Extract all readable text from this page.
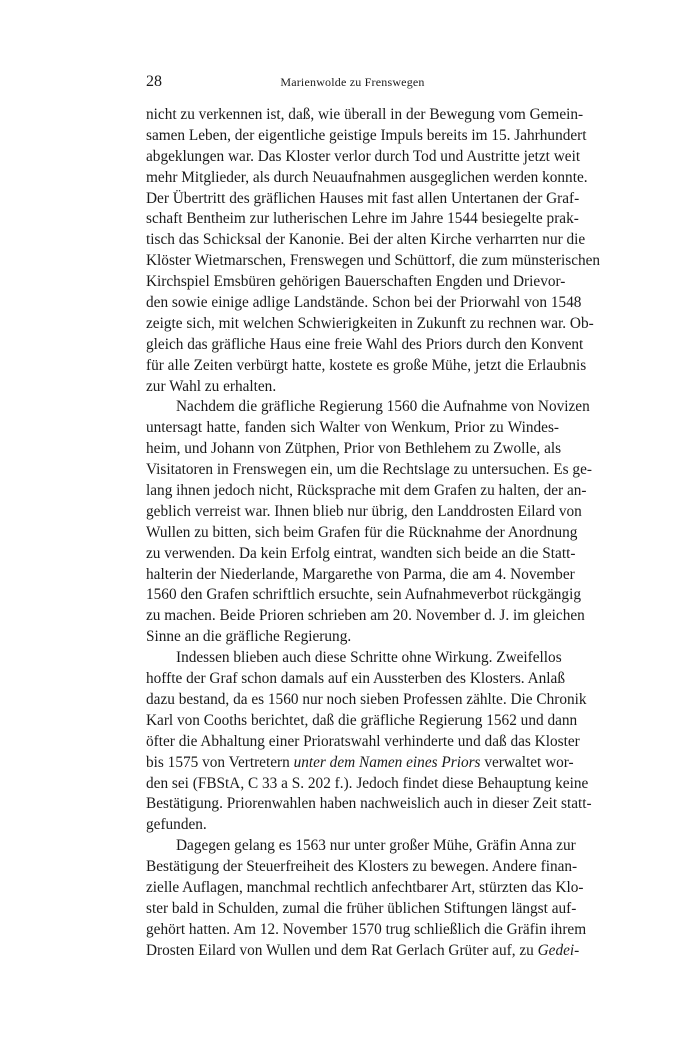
28	Marienwolde zu Frenswegen
nicht zu verkennen ist, daß, wie überall in der Bewegung vom Gemein-
samen Leben, der eigentliche geistige Impuls bereits im 15. Jahrhundert
abgeklungen war. Das Kloster verlor durch Tod und Austritte jetzt weit
mehr Mitglieder, als durch Neuaufnahmen ausgeglichen werden konnte.
Der Übertritt des gräflichen Hauses mit fast allen Untertanen der Graf-
schaft Bentheim zur lutherischen Lehre im Jahre 1544 besiegelte prak-
tisch das Schicksal der Kanonie. Bei der alten Kirche verharrten nur die
Klöster Wietmarschen, Frenswegen und Schüttorf, die zum münsterischen
Kirchspiel Emsbüren gehörigen Bauerschaften Engden und Drievor-
den sowie einige adlige Landstände. Schon bei der Priorwahl von 1548
zeigte sich, mit welchen Schwierigkeiten in Zukunft zu rechnen war. Ob-
gleich das gräfliche Haus eine freie Wahl des Priors durch den Konvent
für alle Zeiten verbürgt hatte, kostete es große Mühe, jetzt die Erlaubnis
zur Wahl zu erhalten.
Nachdem die gräfliche Regierung 1560 die Aufnahme von Novizen
untersagt hatte, fanden sich Walter von Wenkum, Prior zu Windes-
heim, und Johann von Zütphen, Prior von Bethlehem zu Zwolle, als
Visitatoren in Frenswegen ein, um die Rechtslage zu untersuchen. Es ge-
lang ihnen jedoch nicht, Rücksprache mit dem Grafen zu halten, der an-
geblich verreist war. Ihnen blieb nur übrig, den Landdrosten Eilard von
Wullen zu bitten, sich beim Grafen für die Rücknahme der Anordnung
zu verwenden. Da kein Erfolg eintrat, wandten sich beide an die Statt-
halterin der Niederlande, Margarethe von Parma, die am 4. November
1560 den Grafen schriftlich ersuchte, sein Aufnahmeverbot rückgängig
zu machen. Beide Prioren schrieben am 20. November d. J. im gleichen
Sinne an die gräfliche Regierung.
Indessen blieben auch diese Schritte ohne Wirkung. Zweifellos
hoffte der Graf schon damals auf ein Aussterben des Klosters. Anlaß
dazu bestand, da es 1560 nur noch sieben Professen zählte. Die Chronik
Karl von Cooths berichtet, daß die gräfliche Regierung 1562 und dann
öfter die Abhaltung einer Prioratswahl verhinderte und daß das Kloster
bis 1575 von Vertretern unter dem Namen eines Priors verwaltet wor-
den sei (FBStA, C 33 a S. 202 f.). Jedoch findet diese Behauptung keine
Bestätigung. Priorenwahlen haben nachweislich auch in dieser Zeit statt-
gefunden.
Dagegen gelang es 1563 nur unter großer Mühe, Gräfin Anna zur
Bestätigung der Steuerfreiheit des Klosters zu bewegen. Andere finan-
zielle Auflagen, manchmal rechtlich anfechtbarer Art, stürzten das Klo-
ster bald in Schulden, zumal die früher üblichen Stiftungen längst auf-
gehört hatten. Am 12. November 1570 trug schließlich die Gräfin ihrem
Drosten Eilard von Wullen und dem Rat Gerlach Grüter auf, zu Gedei-
